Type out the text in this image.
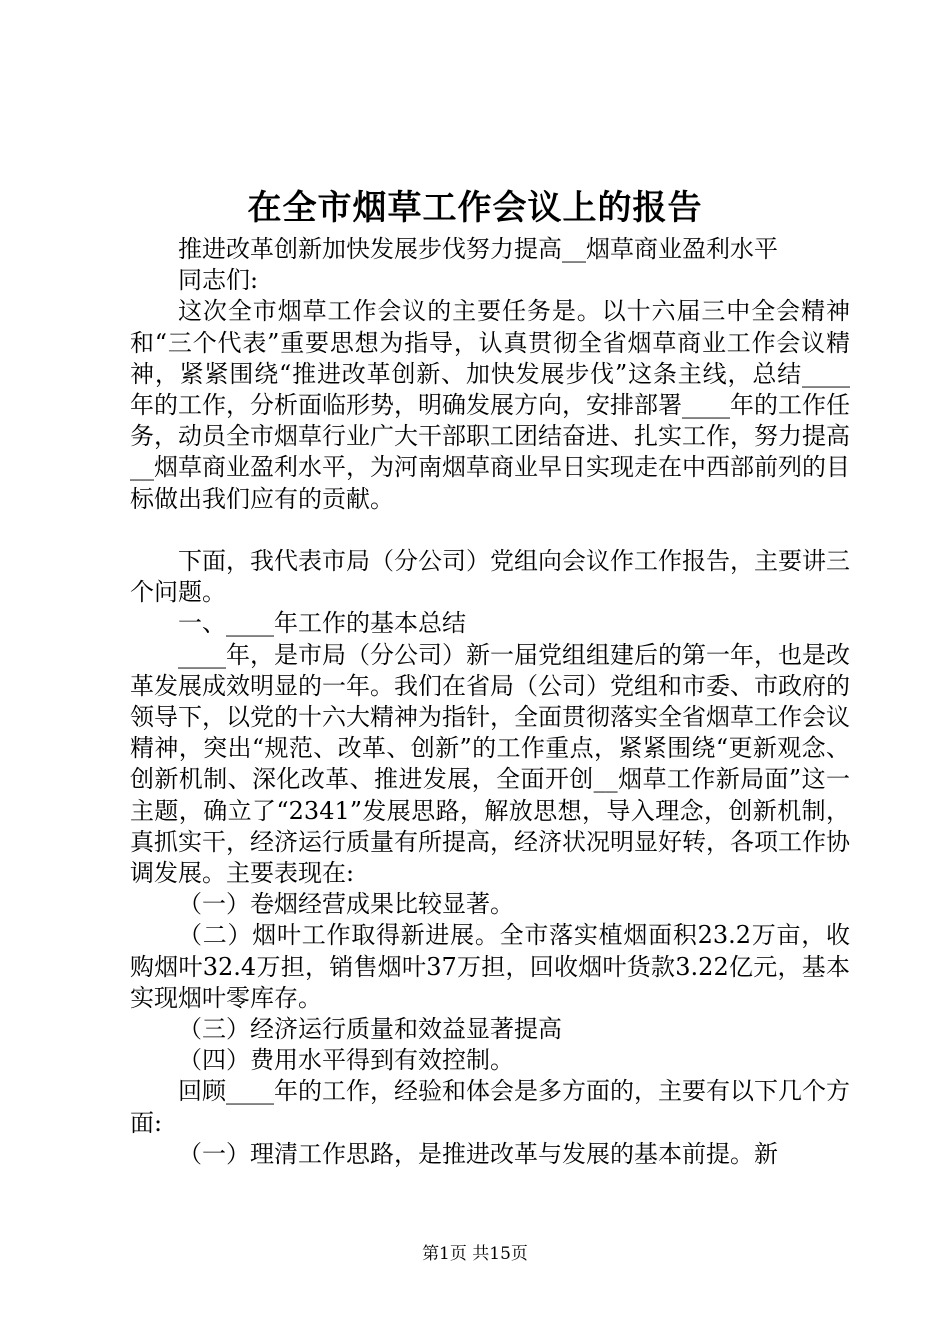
在全市烟草工作会议上的报告

推进改革创新加快发展步伐努力提高__烟草商业盈利水平

同志们:

这次全市烟草工作会议的主要任务是。以十六届三中全会精神和“三个代表”重要思想为指导，认真贯彻全省烟草商业工作会议精神，紧紧围绕“推进改革创新、加快发展步伐”这条主线，总结____年的工作，分析面临形势，明确发展方向，安排部署____年的工作任务，动员全市烟草行业广大干部职工团结奋进、扎实工作，努力提高__烟草商业盈利水平，为河南烟草商业早日实现走在中西部前列的目标做出我们应有的贡献。

下面，我代表市局（分公司）党组向会议作工作报告，主要讲三个问题。

一、____年工作的基本总结

____年，是市局（分公司）新一届党组组建后的第一年，也是改革发展成效明显的一年。我们在省局（公司）党组和市委、市政府的领导下，以党的十六大精神为指针，全面贯彻落实全省烟草工作会议精神，突出“规范、改革、创新”的工作重点，紧紧围绕“更新观念、创新机制、深化改革、推进发展，全面开创__烟草工作新局面”这一主题，确立了“2341”发展思路，解放思想，导入理念，创新机制，真抓实干，经济运行质量有所提高，经济状况明显好转，各项工作协调发展。主要表现在:

（一）卷烟经营成果比较显著。

（二）烟叶工作取得新进展。全市落实植烟面积23.2万亩，收购烟叶32.4万担，销售烟叶37万担，回收烟叶货款3.22亿元，基本实现烟叶零库存。

（三）经济运行质量和效益显著提高

（四）费用水平得到有效控制。

回顾____年的工作，经验和体会是多方面的，主要有以下几个方面:

（一）理清工作思路，是推进改革与发展的基本前提。新

第1页 共15页
